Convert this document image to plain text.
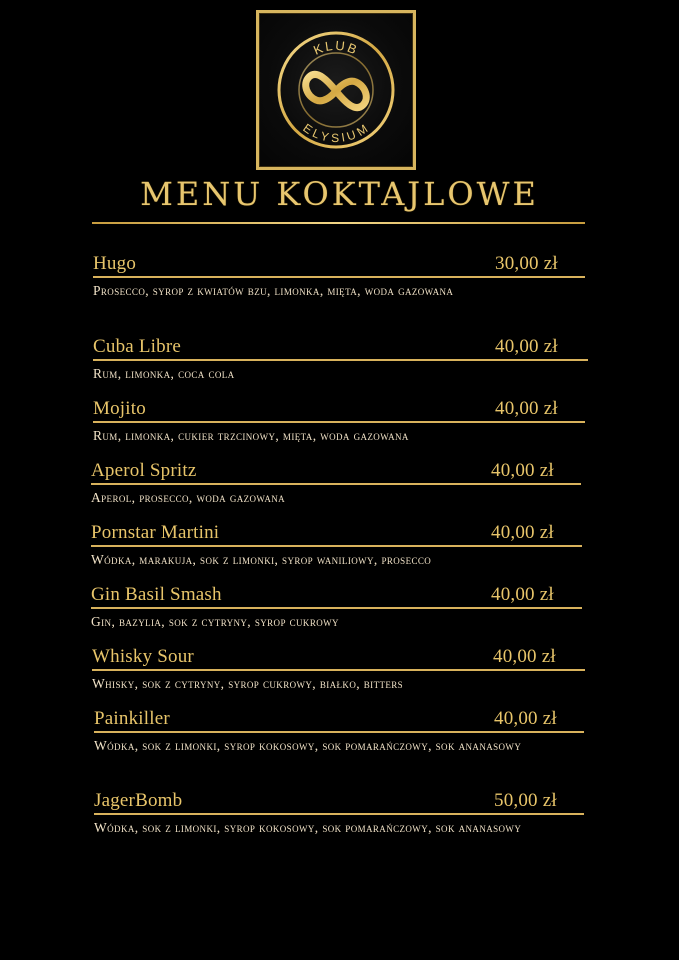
KLUB
ELYSIUM
MENU KOKTAJLOWE
Hugo	30,00 zł
Prosecco, syrop z kwiatów bzu, limonka, mięta, woda gazowana
Cuba Libre	40,00 zł
Rum, limonka, coca cola
Mojito	40,00 zł
Rum, limonka, cukier trzcinowy, mięta, woda gazowana
Aperol Spritz	40,00 zł
Aperol, prosecco, woda gazowana
Pornstar Martini	40,00 zł
Wódka, marakuja, sok z limonki, syrop waniliowy, prosecco
Gin Basil Smash	40,00 zł
Gin, bazylia, sok z cytryny, syrop cukrowy
Whisky Sour	40,00 zł
Whisky, sok z cytryny, syrop cukrowy, białko, bitters
Painkiller	40,00 zł
Wódka, sok z limonki, syrop kokosowy, sok pomarańczowy, sok ananasowy
JagerBomb	50,00 zł
Wódka, sok z limonki, syrop kokosowy, sok pomarańczowy, sok ananasowy
